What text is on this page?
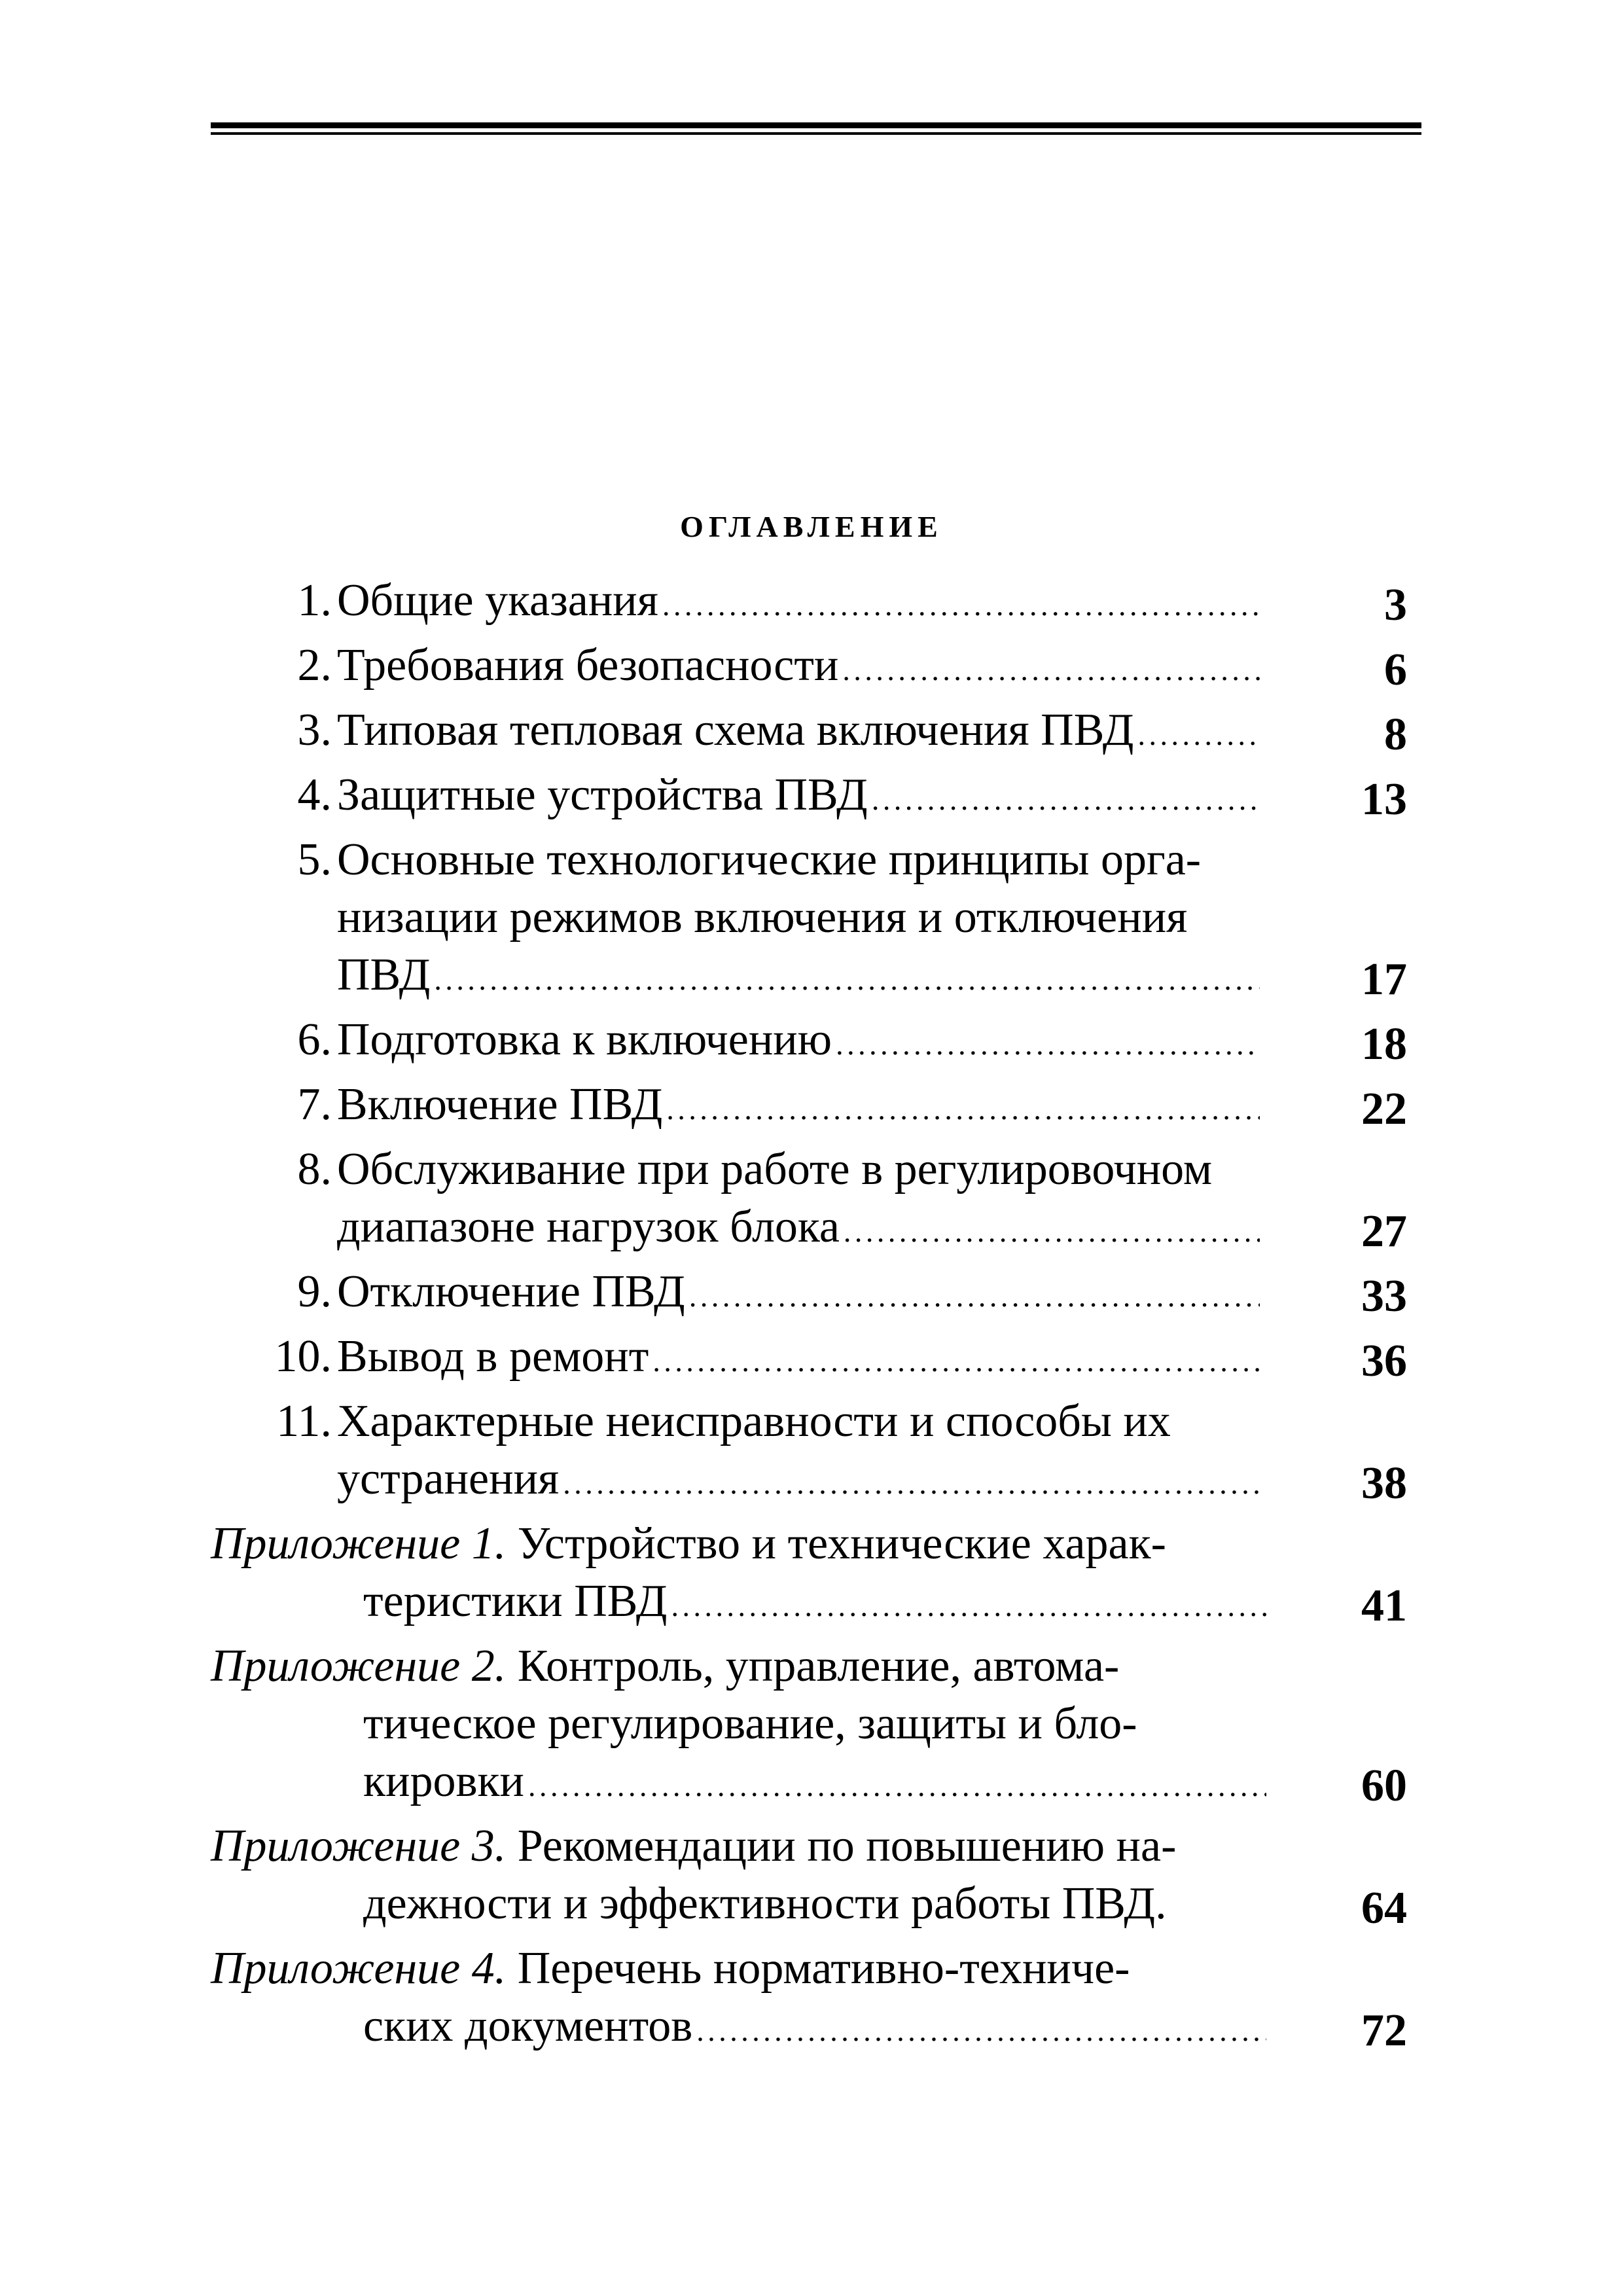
ОГЛАВЛЕНИЕ
1. Общие указания . . .	3
2. Требования безопасности . . .	6
3. Типовая тепловая схема включения ПВД . . .	8
4. Защитные устройства ПВД . . .	13
5. Основные технологические принципы орга-
низации режимов включения и отключения
ПВД . . .	17
6. Подготовка к включению . . .	18
7. Включение ПВД . . .	22
8. Обслуживание при работе в регулировочном
диапазоне нагрузок блока . . .	27
9. Отключение ПВД . . .	33
10. Вывод в ремонт . . .	36
11. Характерные неисправности и способы их
устранения . . .	38
Приложение 1. Устройство и технические харак-
теристики ПВД . . .	41
Приложение 2. Контроль, управление, автома-
тическое регулирование, защиты и бло-
кировки . . .	60
Приложение 3. Рекомендации по повышению на-
дежности и эффективности работы ПВД.	64
Приложение 4. Перечень нормативно-техниче-
ских документов . . .	72
